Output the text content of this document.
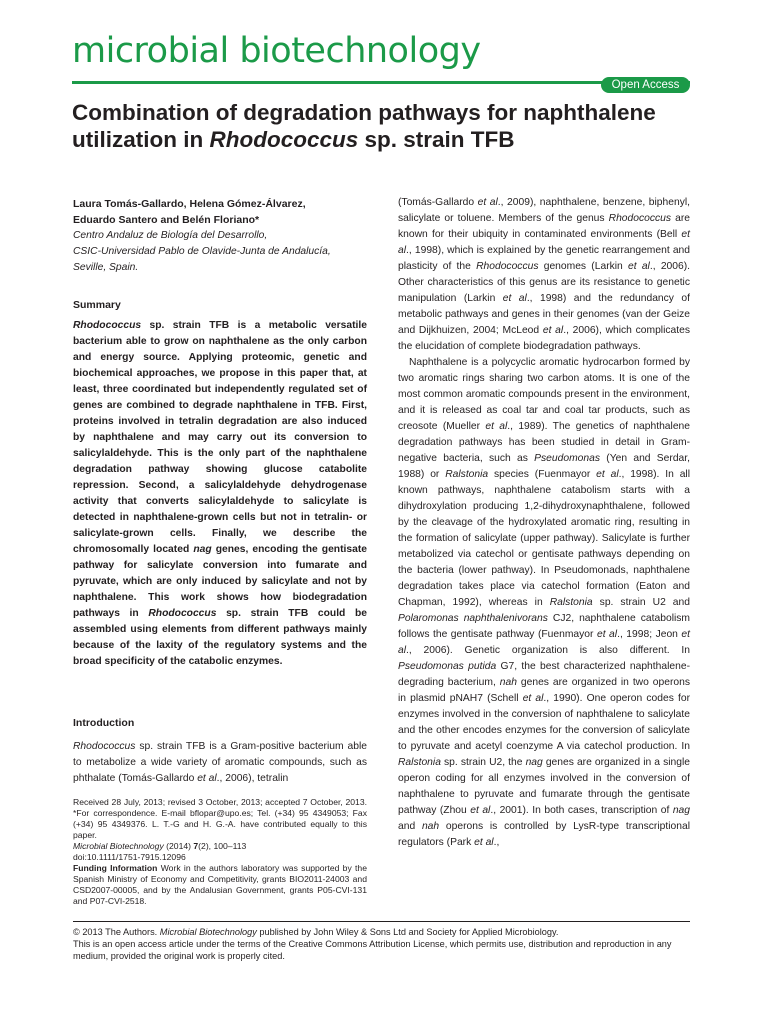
microbial biotechnology
Open Access
Combination of degradation pathways for naphthalene utilization in Rhodococcus sp. strain TFB

Laura Tomás-Gallardo, Helena Gómez-Álvarez,

Eduardo Santero and Belén Floriano*

Centro Andaluz de Biología del Desarrollo,

CSIC-Universidad Pablo de Olavide-Junta de Andalucía,

Seville, Spain.

Summary
Rhodococcus sp. strain TFB is a metabolic versatile bacterium able to grow on naphthalene as the only carbon and energy source. Applying proteomic, genetic and biochemical approaches, we propose in this paper that, at least, three coordinated but independently regulated set of genes are combined to degrade naphthalene in TFB. First, proteins involved in tetralin degradation are also induced by naphthalene and may carry out its conversion to salicylaldehyde. This is the only part of the naphthalene degradation pathway showing glucose catabolite repression. Second, a salicylaldehyde dehydrogenase activity that converts salicylaldehyde to salicylate is detected in naphthalene-grown cells but not in tetralin- or salicylate-grown cells. Finally, we describe the chromosomally located nag genes, encoding the gentisate pathway for salicylate conversion into fumarate and pyruvate, which are only induced by salicylate and not by naphthalene. This work shows how biodegradation pathways in Rhodococcus sp. strain TFB could be assembled using elements from different pathways mainly because of the laxity of the regulatory systems and the broad specificity of the catabolic enzymes.
Introduction
Rhodococcus sp. strain TFB is a Gram-positive bacterium able to metabolize a wide variety of aromatic compounds, such as phthalate (Tomás-Gallardo et al., 2006), tetralin

Received 28 July, 2013; revised 3 October, 2013; accepted 7 October, 2013. *For correspondence. E-mail bflopar@upo.es; Tel. (+34) 95 4349053; Fax (+34) 95 4349376. L. T.-G and H. G.-A. have contributed equally to this paper.

Microbial Biotechnology (2014) 7(2), 100–113

doi:10.1111/1751-7915.12096

Funding Information Work in the authors laboratory was supported by the Spanish Ministry of Economy and Competitivity, grants BIO2011-24003 and CSD2007-00005, and by the Andalusian Government, grants P05-CVI-131 and P07-CVI-2518.

(Tomás-Gallardo et al., 2009), naphthalene, benzene, biphenyl, salicylate or toluene. Members of the genus Rhodococcus are known for their ubiquity in contaminated environments (Bell et al., 1998), which is explained by the genetic rearrangement and plasticity of the Rhodococcus genomes (Larkin et al., 2006). Other characteristics of this genus are its resistance to genetic manipulation (Larkin et al., 1998) and the redundancy of metabolic pathways and genes in their genomes (van der Geize and Dijkhuizen, 2004; McLeod et al., 2006), which complicates the elucidation of complete biodegradation pathways.

Naphthalene is a polycyclic aromatic hydrocarbon formed by two aromatic rings sharing two carbon atoms. It is one of the most common aromatic compounds present in the environment, and it is released as coal tar and coal tar products, such as creosote (Mueller et al., 1989). The genetics of naphthalene degradation pathways has been studied in detail in Gram-negative bacteria, such as Pseudomonas (Yen and Serdar, 1988) or Ralstonia species (Fuenmayor et al., 1998). In all known pathways, naphthalene catabolism starts with a dihydroxylation producing 1,2-dihydroxynaphthalene, followed by the cleavage of the hydroxylated aromatic ring, resulting in the formation of salicylate (upper pathway). Salicylate is further metabolized via catechol or gentisate pathways depending on the bacteria (lower pathway). In Pseudomonads, naphthalene degradation takes place via catechol formation (Eaton and Chapman, 1992), whereas in Ralstonia sp. strain U2 and Polaromonas naphthalenivorans CJ2, naphthalene catabolism follows the gentisate pathway (Fuenmayor et al., 1998; Jeon et al., 2006). Genetic organization is also different. In Pseudomonas putida G7, the best characterized naphthalene-degrading bacterium, nah genes are organized in two operons in plasmid pNAH7 (Schell et al., 1990). One operon codes for enzymes involved in the conversion of naphthalene to salicylate and the other encodes enzymes for the conversion of salicylate to pyruvate and acetyl coenzyme A via catechol production. In Ralstonia sp. strain U2, the nag genes are organized in a single operon coding for all enzymes involved in the conversion of naphthalene to pyruvate and fumarate through the gentisate pathway (Zhou et al., 2001). In both cases, transcription of nag and nah operons is controlled by LysR-type transcriptional regulators (Park et al.,

© 2013 The Authors. Microbial Biotechnology published by John Wiley & Sons Ltd and Society for Applied Microbiology.

This is an open access article under the terms of the Creative Commons Attribution License, which permits use, distribution and reproduction in any medium, provided the original work is properly cited.
